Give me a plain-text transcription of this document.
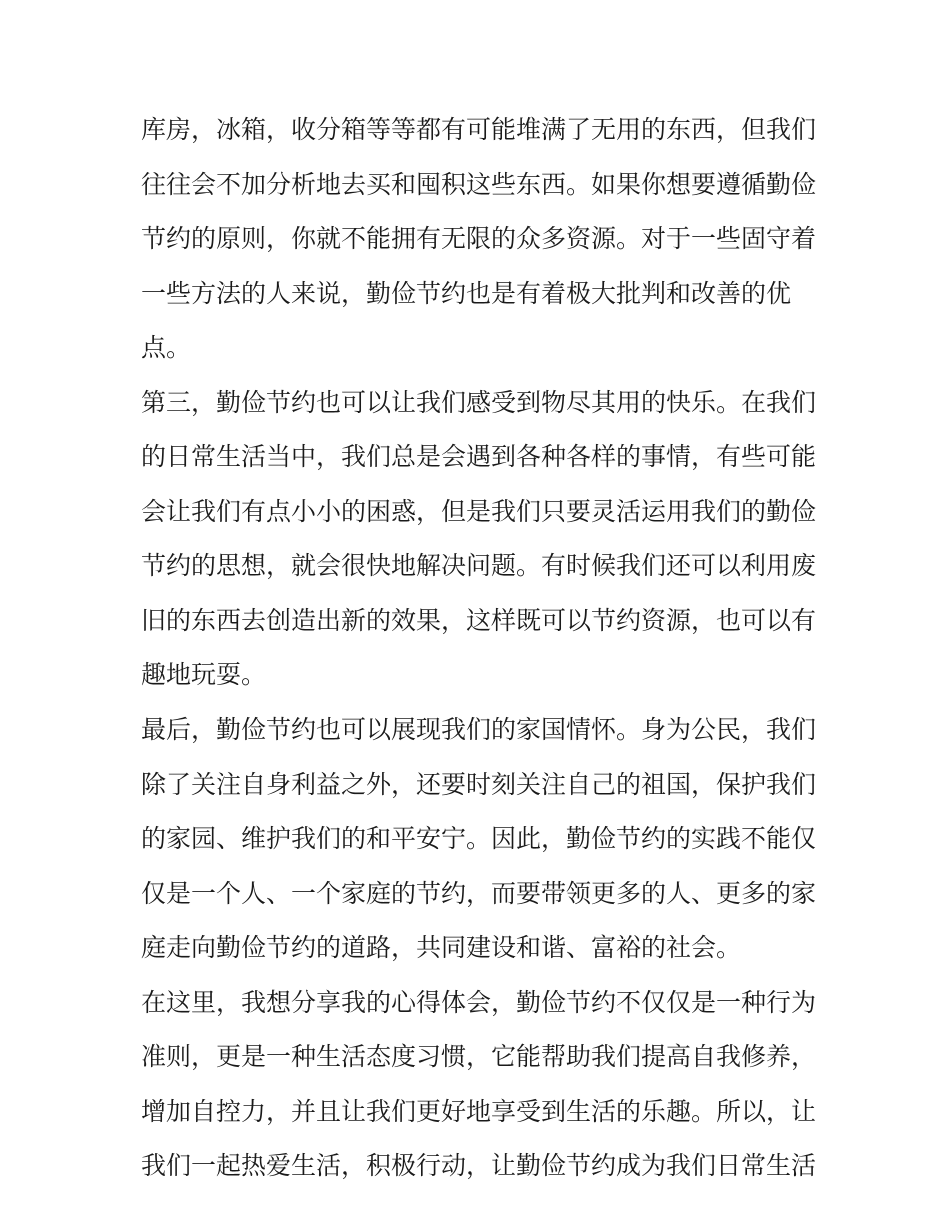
库房，冰箱，收分箱等等都有可能堆满了无用的东西，但我们
往往会不加分析地去买和囤积这些东西。如果你想要遵循勤俭
节约的原则，你就不能拥有无限的众多资源。对于一些固守着
一些方法的人来说，勤俭节约也是有着极大批判和改善的优
点。
第三，勤俭节约也可以让我们感受到物尽其用的快乐。在我们
的日常生活当中，我们总是会遇到各种各样的事情，有些可能
会让我们有点小小的困惑，但是我们只要灵活运用我们的勤俭
节约的思想，就会很快地解决问题。有时候我们还可以利用废
旧的东西去创造出新的效果，这样既可以节约资源，也可以有
趣地玩耍。
最后，勤俭节约也可以展现我们的家国情怀。身为公民，我们
除了关注自身利益之外，还要时刻关注自己的祖国，保护我们
的家园、维护我们的和平安宁。因此，勤俭节约的实践不能仅
仅是一个人、一个家庭的节约，而要带领更多的人、更多的家
庭走向勤俭节约的道路，共同建设和谐、富裕的社会。
在这里，我想分享我的心得体会，勤俭节约不仅仅是一种行为
准则，更是一种生活态度习惯，它能帮助我们提高自我修养，
增加自控力，并且让我们更好地享受到生活的乐趣。所以，让
我们一起热爱生活，积极行动，让勤俭节约成为我们日常生活
